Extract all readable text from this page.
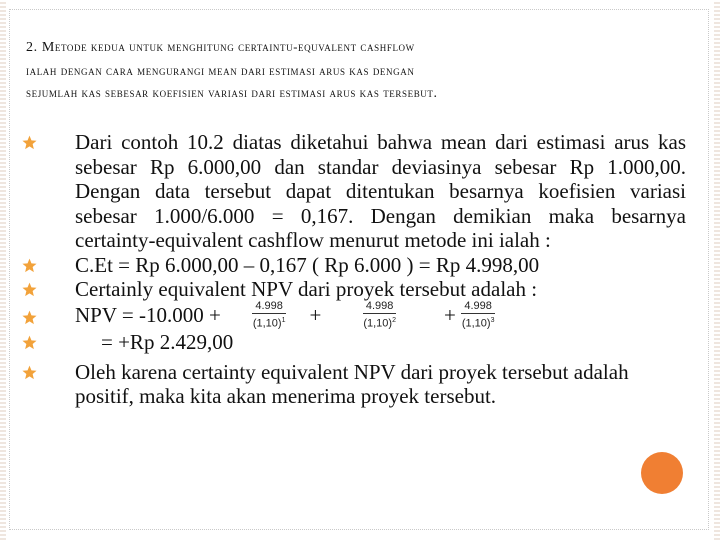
2. Metode kedua untuk menghitung certaintu-equvalent cashflow

ialah dengan cara mengurangi mean dari estimasi arus kas dengan

sejumlah kas sebesar koefisien variasi dari estimasi arus kas tersebut.

Dari contoh 10.2 diatas diketahui bahwa mean dari estimasi arus kas sebesar Rp 6.000,00 dan standar deviasinya sebesar Rp 1.000,00. Dengan data tersebut dapat ditentukan besarnya koefisien variasi sebesar 1.000/6.000 = 0,167. Dengan demikian maka besarnya certainty-equivalent cashflow menurut metode ini ialah :
C.Et = Rp 6.000,00 – 0,167 ( Rp 6.000 ) = Rp 4.998,00
Certainly equivalent NPV dari proyek tersebut adalah :
NPV = -10.000 +	$\frac{4.998}{(1,10)^1}$ +	$\frac{4.998}{(1,10)^2} + \frac{4.998}{(1,10)^3}$
= +Rp 2.429,00
Oleh karena certainty equivalent NPV dari proyek tersebut adalah positif, maka kita akan menerima proyek tersebut.
